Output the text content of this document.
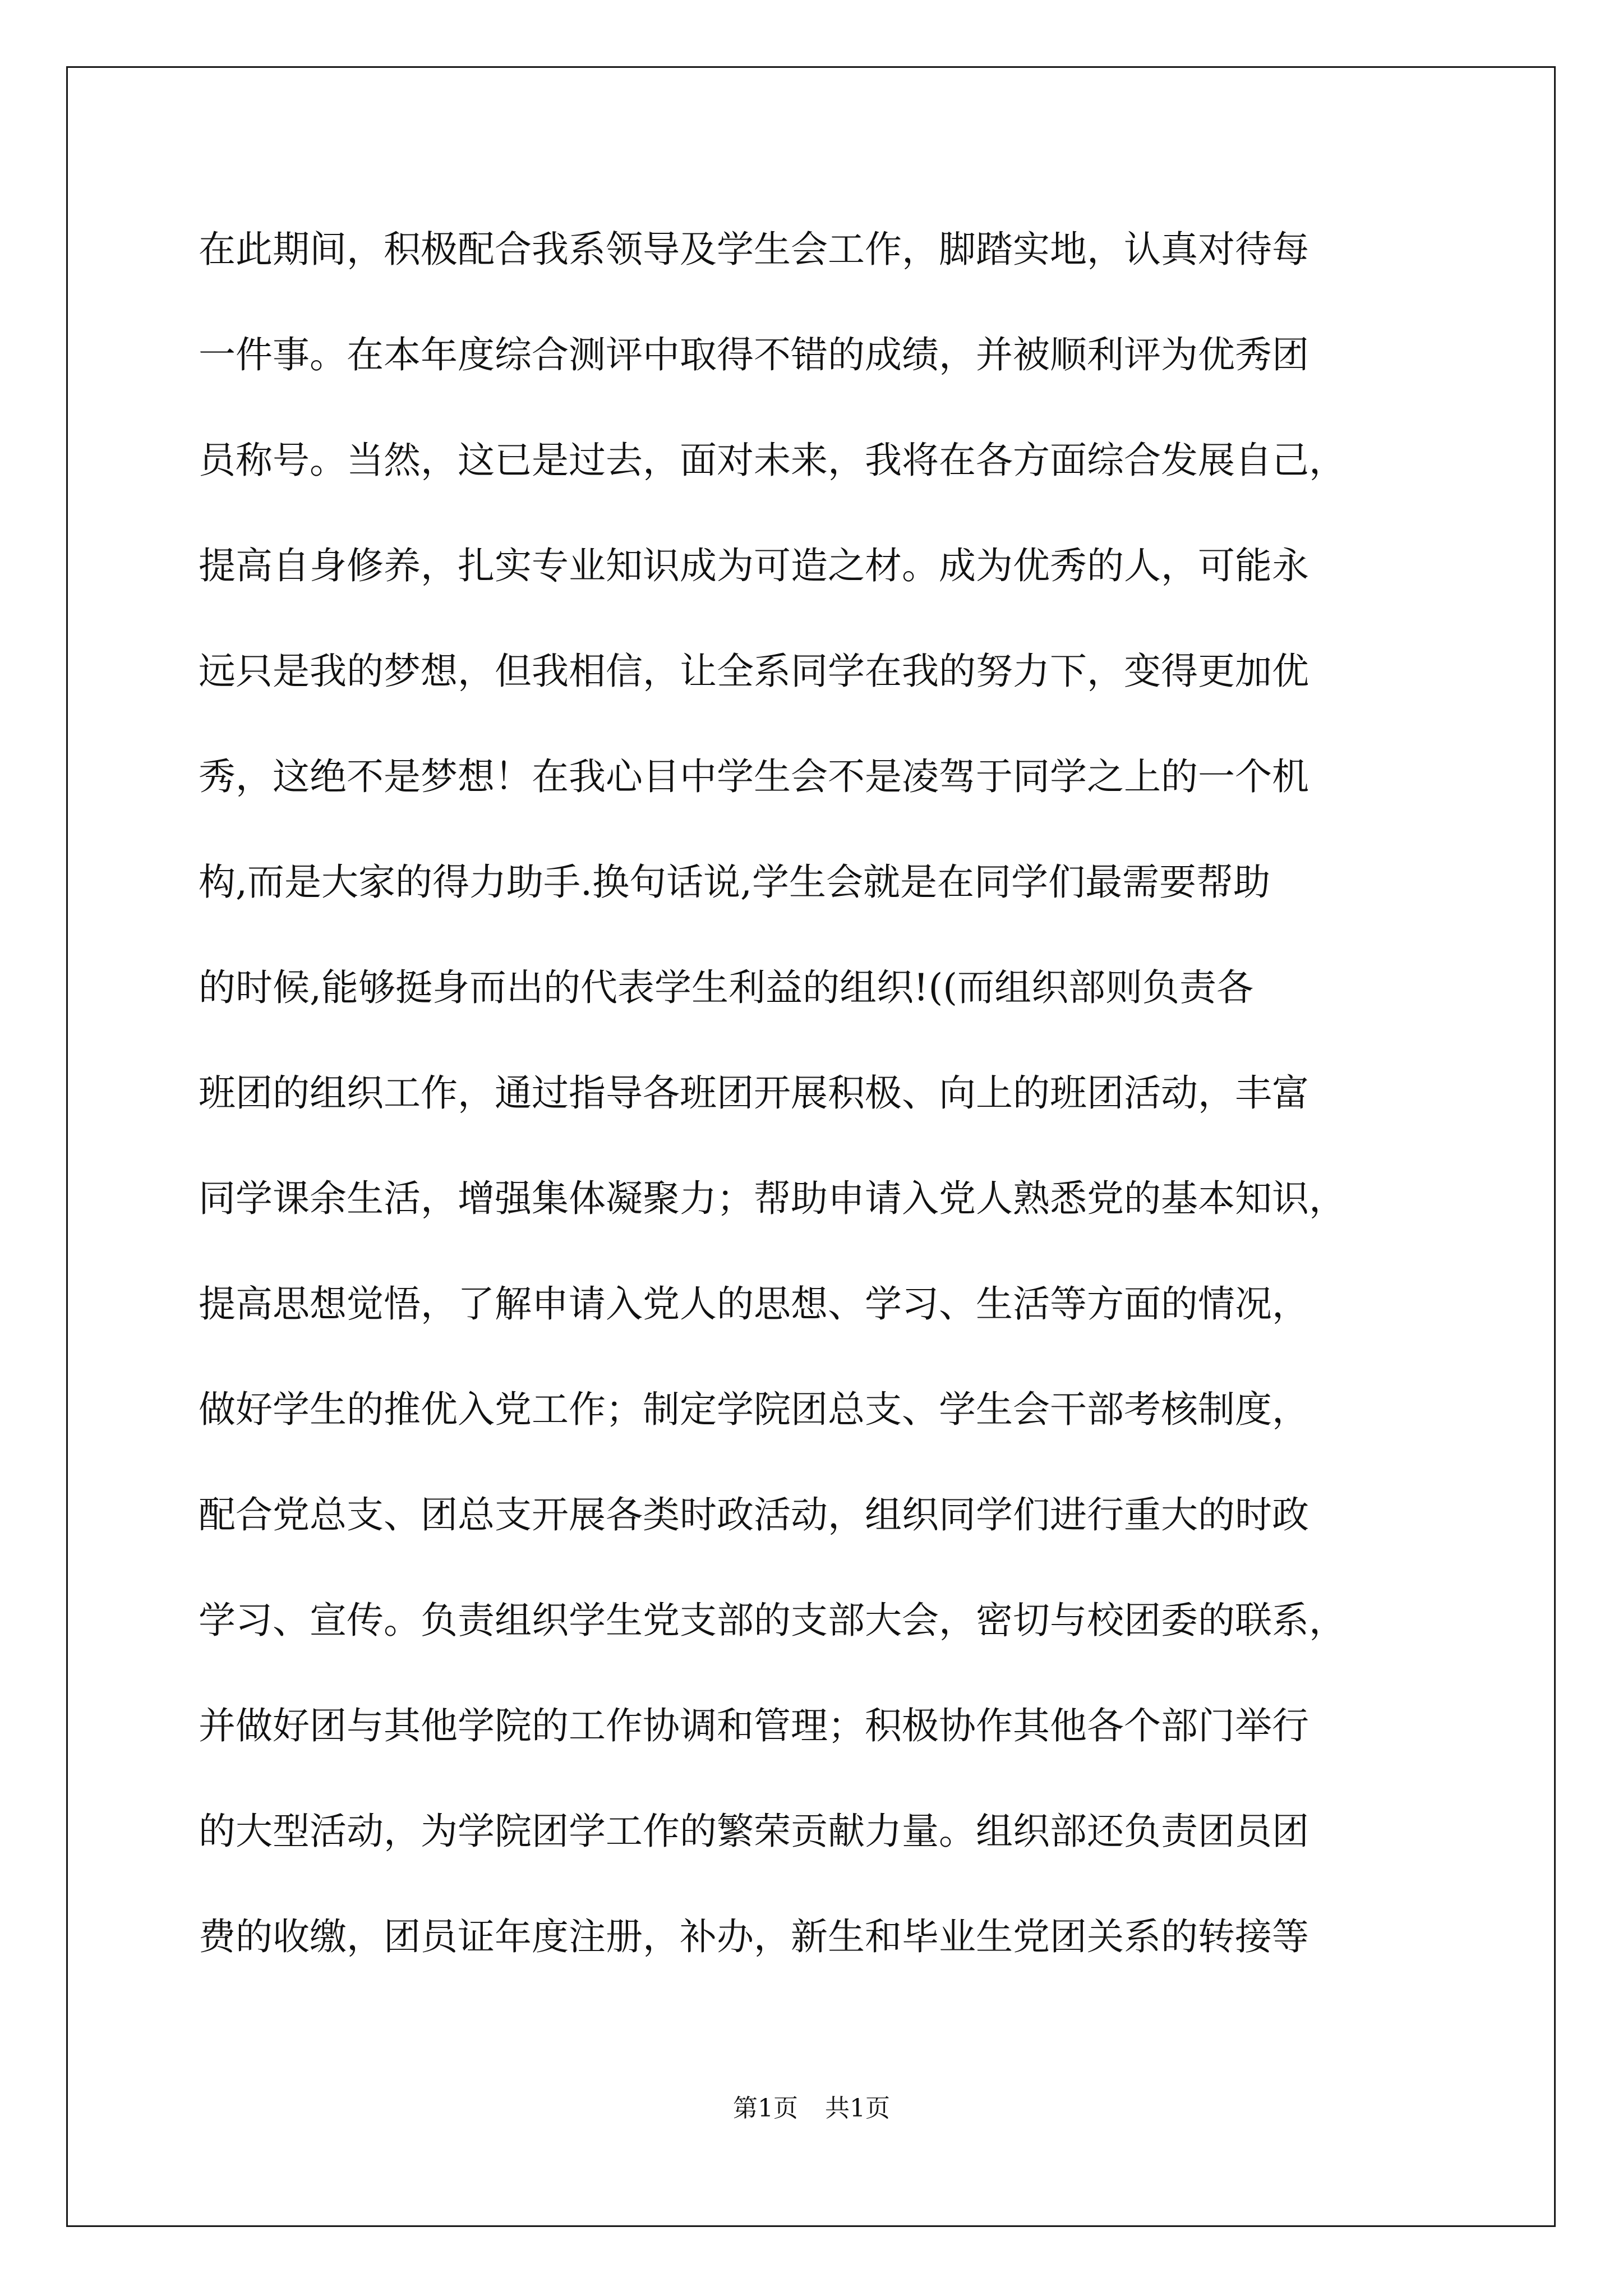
在此期间，积极配合我系领导及学生会工作，脚踏实地，认真对待每
一件事。在本年度综合测评中取得不错的成绩，并被顺利评为优秀团
员称号。当然，这已是过去，面对未来，我将在各方面综合发展自己，
提高自身修养，扎实专业知识成为可造之材。成为优秀的人，可能永
远只是我的梦想，但我相信，让全系同学在我的努力下，变得更加优
秀，这绝不是梦想！在我心目中学生会不是凌驾于同学之上的一个机
构,而是大家的得力助手.换句话说,学生会就是在同学们最需要帮助
的时候,能够挺身而出的代表学生利益的组织!((而组织部则负责各
班团的组织工作，通过指导各班团开展积极、向上的班团活动，丰富
同学课余生活，增强集体凝聚力；帮助申请入党人熟悉党的基本知识，
提高思想觉悟，了解申请入党人的思想、学习、生活等方面的情况，
做好学生的推优入党工作；制定学院团总支、学生会干部考核制度，
配合党总支、团总支开展各类时政活动，组织同学们进行重大的时政
学习、宣传。负责组织学生党支部的支部大会，密切与校团委的联系，
并做好团与其他学院的工作协调和管理；积极协作其他各个部门举行
的大型活动，为学院团学工作的繁荣贡献力量。组织部还负责团员团
费的收缴，团员证年度注册，补办，新生和毕业生党团关系的转接等
第1页 共1页
